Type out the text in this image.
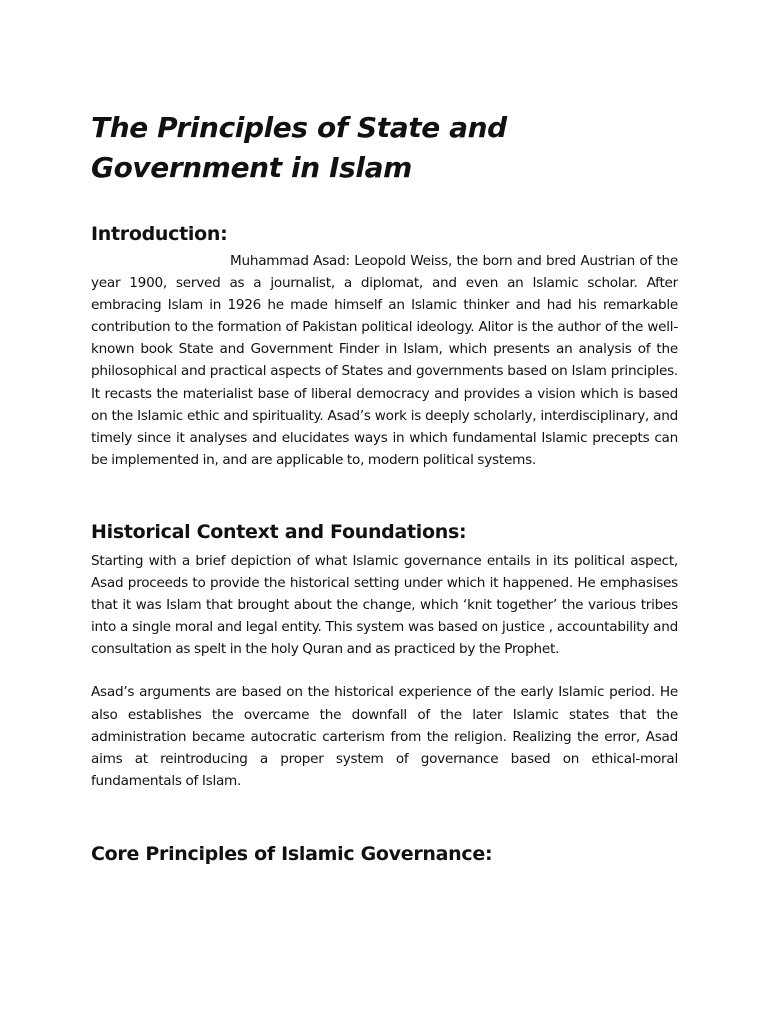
The Principles of State and Government in Islam
Introduction:

Muhammad Asad: Leopold Weiss, the born and bred Austrian of the year 1900, served as a journalist, a diplomat, and even an Islamic scholar. After embracing Islam in 1926 he made himself an Islamic thinker and had his remarkable contribution to the formation of Pakistan political ideology. Alitor is the author of the well-known book State and Government Finder in Islam, which presents an analysis of the philosophical and practical aspects of States and governments based on Islam principles. It recasts the materialist base of liberal democracy and provides a vision which is based on the Islamic ethic and spirituality. Asad’s work is deeply scholarly, interdisciplinary, and timely since it analyses and elucidates ways in which fundamental Islamic precepts can be implemented in, and are applicable to, modern political systems.

Historical Context and Foundations:

Starting with a brief depiction of what Islamic governance entails in its political aspect, Asad proceeds to provide the historical setting under which it happened. He emphasises that it was Islam that brought about the change, which ‘knit together’ the various tribes into a single moral and legal entity. This system was based on justice , accountability and consultation as spelt in the holy Quran and as practiced by the Prophet.

Asad’s arguments are based on the historical experience of the early Islamic period. He also establishes the overcame the downfall of the later Islamic states that the administration became autocratic carterism from the religion. Realizing the error, Asad aims at reintroducing a proper system of governance based on ethical-moral fundamentals of Islam.

Core Principles of Islamic Governance:
